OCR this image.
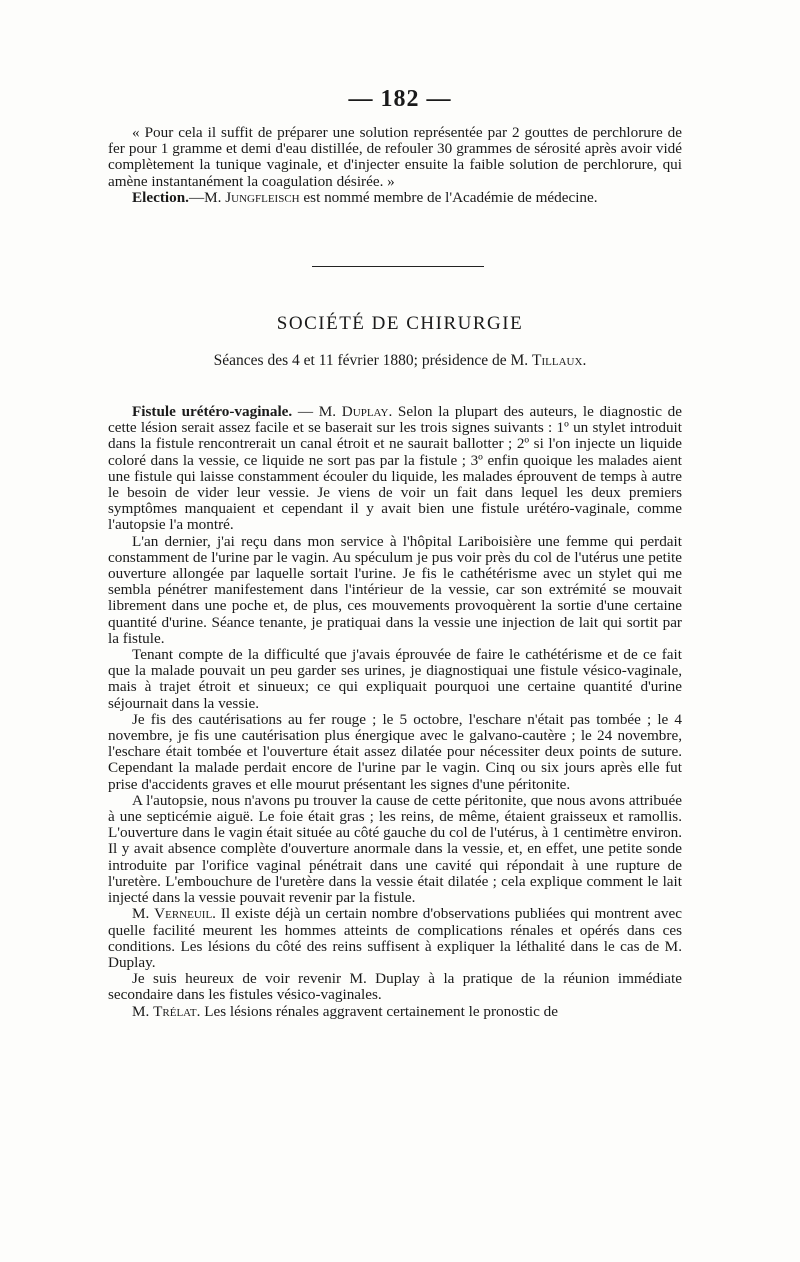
— 182 —

« Pour cela il suffit de préparer une solution représentée par 2 gouttes de perchlorure de fer pour 1 gramme et demi d'eau distillée, de refouler 30 grammes de sérosité après avoir vidé complètement la tunique vaginale, et d'injecter ensuite la faible solution de perchlorure, qui amène instantanément la coagulation désirée. »

Election.—M. Jungfleisch est nommé membre de l'Académie de médecine.

SOCIÉTÉ DE CHIRURGIE
Séances des 4 et 11 février 1880; présidence de M. Tillaux.

Fistule urétéro-vaginale. — M. Duplay. Selon la plupart des auteurs, le diagnostic de cette lésion serait assez facile et se baserait sur les trois signes suivants : 1º un stylet introduit dans la fistule rencontrerait un canal étroit et ne saurait ballotter ; 2º si l'on injecte un liquide coloré dans la vessie, ce liquide ne sort pas par la fistule ; 3º enfin quoique les malades aient une fistule qui laisse constamment écouler du liquide, les malades éprouvent de temps à autre le besoin de vider leur vessie. Je viens de voir un fait dans lequel les deux premiers symptômes manquaient et cependant il y avait bien une fistule urétéro-vaginale, comme l'autopsie l'a montré.

L'an dernier, j'ai reçu dans mon service à l'hôpital Lariboisière une femme qui perdait constamment de l'urine par le vagin. Au spéculum je pus voir près du col de l'utérus une petite ouverture allongée par laquelle sortait l'urine. Je fis le cathétérisme avec un stylet qui me sembla pénétrer manifestement dans l'intérieur de la vessie, car son extrémité se mouvait librement dans une poche et, de plus, ces mouvements provoquèrent la sortie d'une certaine quantité d'urine. Séance tenante, je pratiquai dans la vessie une injection de lait qui sortit par la fistule.

Tenant compte de la difficulté que j'avais éprouvée de faire le cathétérisme et de ce fait que la malade pouvait un peu garder ses urines, je diagnostiquai une fistule vésico-vaginale, mais à trajet étroit et sinueux; ce qui expliquait pourquoi une certaine quantité d'urine séjournait dans la vessie.

Je fis des cautérisations au fer rouge ; le 5 octobre, l'eschare n'était pas tombée ; le 4 novembre, je fis une cautérisation plus énergique avec le galvano-cautère ; le 24 novembre, l'eschare était tombée et l'ouverture était assez dilatée pour nécessiter deux points de suture. Cependant la malade perdait encore de l'urine par le vagin. Cinq ou six jours après elle fut prise d'accidents graves et elle mourut présentant les signes d'une péritonite.

A l'autopsie, nous n'avons pu trouver la cause de cette péritonite, que nous avons attribuée à une septicémie aiguë. Le foie était gras ; les reins, de même, étaient graisseux et ramollis. L'ouverture dans le vagin était située au côté gauche du col de l'utérus, à 1 centimètre environ. Il y avait absence complète d'ouverture anormale dans la vessie, et, en effet, une petite sonde introduite par l'orifice vaginal pénétrait dans une cavité qui répondait à une rupture de l'uretère. L'embouchure de l'uretère dans la vessie était dilatée ; cela explique comment le lait injecté dans la vessie pouvait revenir par la fistule.

M. Verneuil. Il existe déjà un certain nombre d'observations publiées qui montrent avec quelle facilité meurent les hommes atteints de complications rénales et opérés dans ces conditions. Les lésions du côté des reins suffisent à expliquer la léthalité dans le cas de M. Duplay.

Je suis heureux de voir revenir M. Duplay à la pratique de la réunion immédiate secondaire dans les fistules vésico-vaginales.

M. Trélat. Les lésions rénales aggravent certainement le pronostic de
